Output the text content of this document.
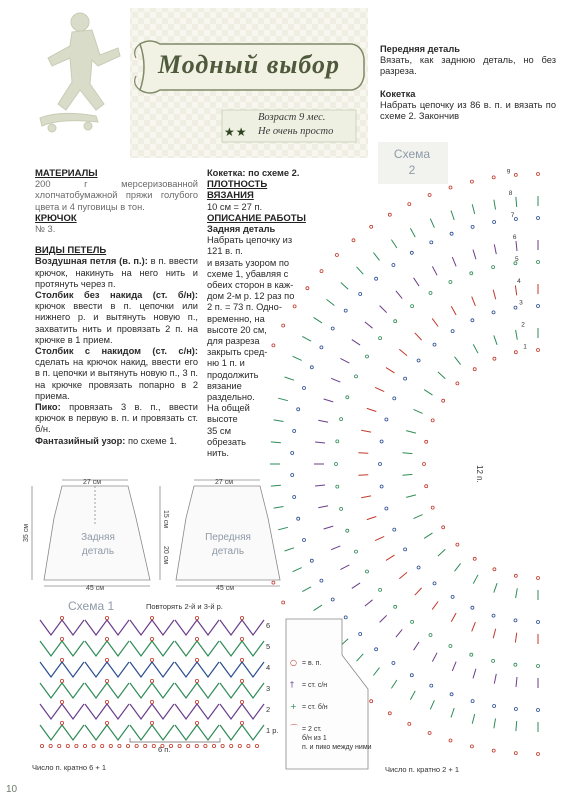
Модный выбор
Возраст 9 мес.
★★ Не очень просто
Передняя деталь
Вязать, как заднюю деталь, но без разреза.
Кокетка
Набрать цепочку из 86 в. п. и вязать по схеме 2. Закончив
МАТЕРИАЛЫ
200 г мерсеризованной хлопчатобумажной пряжи голубого цвета и 4 пуговицы в тон.
КРЮЧОК
№ 3.
ВИДЫ ПЕТЕЛЬ
Воздушная петля (в. п.): в п. ввести крючок, накинуть на него нить и протянуть через п.
Столбик без накида (ст. б/н): крючок ввести в п. цепочки или нижнего р. и вытянуть новую п., захватить нить и провязать 2 п. на крючке в 1 прием.
Столбик с накидом (ст. с/н): сделать на крючок накид, ввести его в п. цепочки и вытянуть новую п., 3 п. на крючке провязать попарно в 2 приема.
Пико: провязать 3 в. п., ввести крючок в первую в. п. и провязать ст. б/н.
Фантазийный узор: по схеме 1.
Кокетка: по схеме 2.
ПЛОТНОСТЬ ВЯЗАНИЯ
10 см = 27 п.
ОПИСАНИЕ РАБОТЫ
Задняя деталь
Набрать цепочку из 121 в. п.
и вязать узором по
схеме 1, убавляя с
обеих сторон в каж-
дом 2-м р. 12 раз по
2 п. = 73 п. Одно-
временно, на
высоте 20 см,
для разреза
закрыть сред-
ню 1 п. и
продолжить
вязание
раздельно.
На общей
высоте
35 см
обрезать
нить.
Схема
2	9
8
7
6
5
4
3
2
1
12 п.
Число п. кратно 2 + 1
27 см	27 см
45 см	45 см
35 см
15 см
20 см
Задняя
деталь
Передняя
деталь
Схема 1	Повторять 2-й и 3-й р.
6
5
4
3
2
1 р.
6 п.
Число п. кратно 6 + 1
○ = в. п.
† = ст. с/н
+ = ст. б/н
⌒ = 2 ст. б/н из 1 п. и пико между ними
10
